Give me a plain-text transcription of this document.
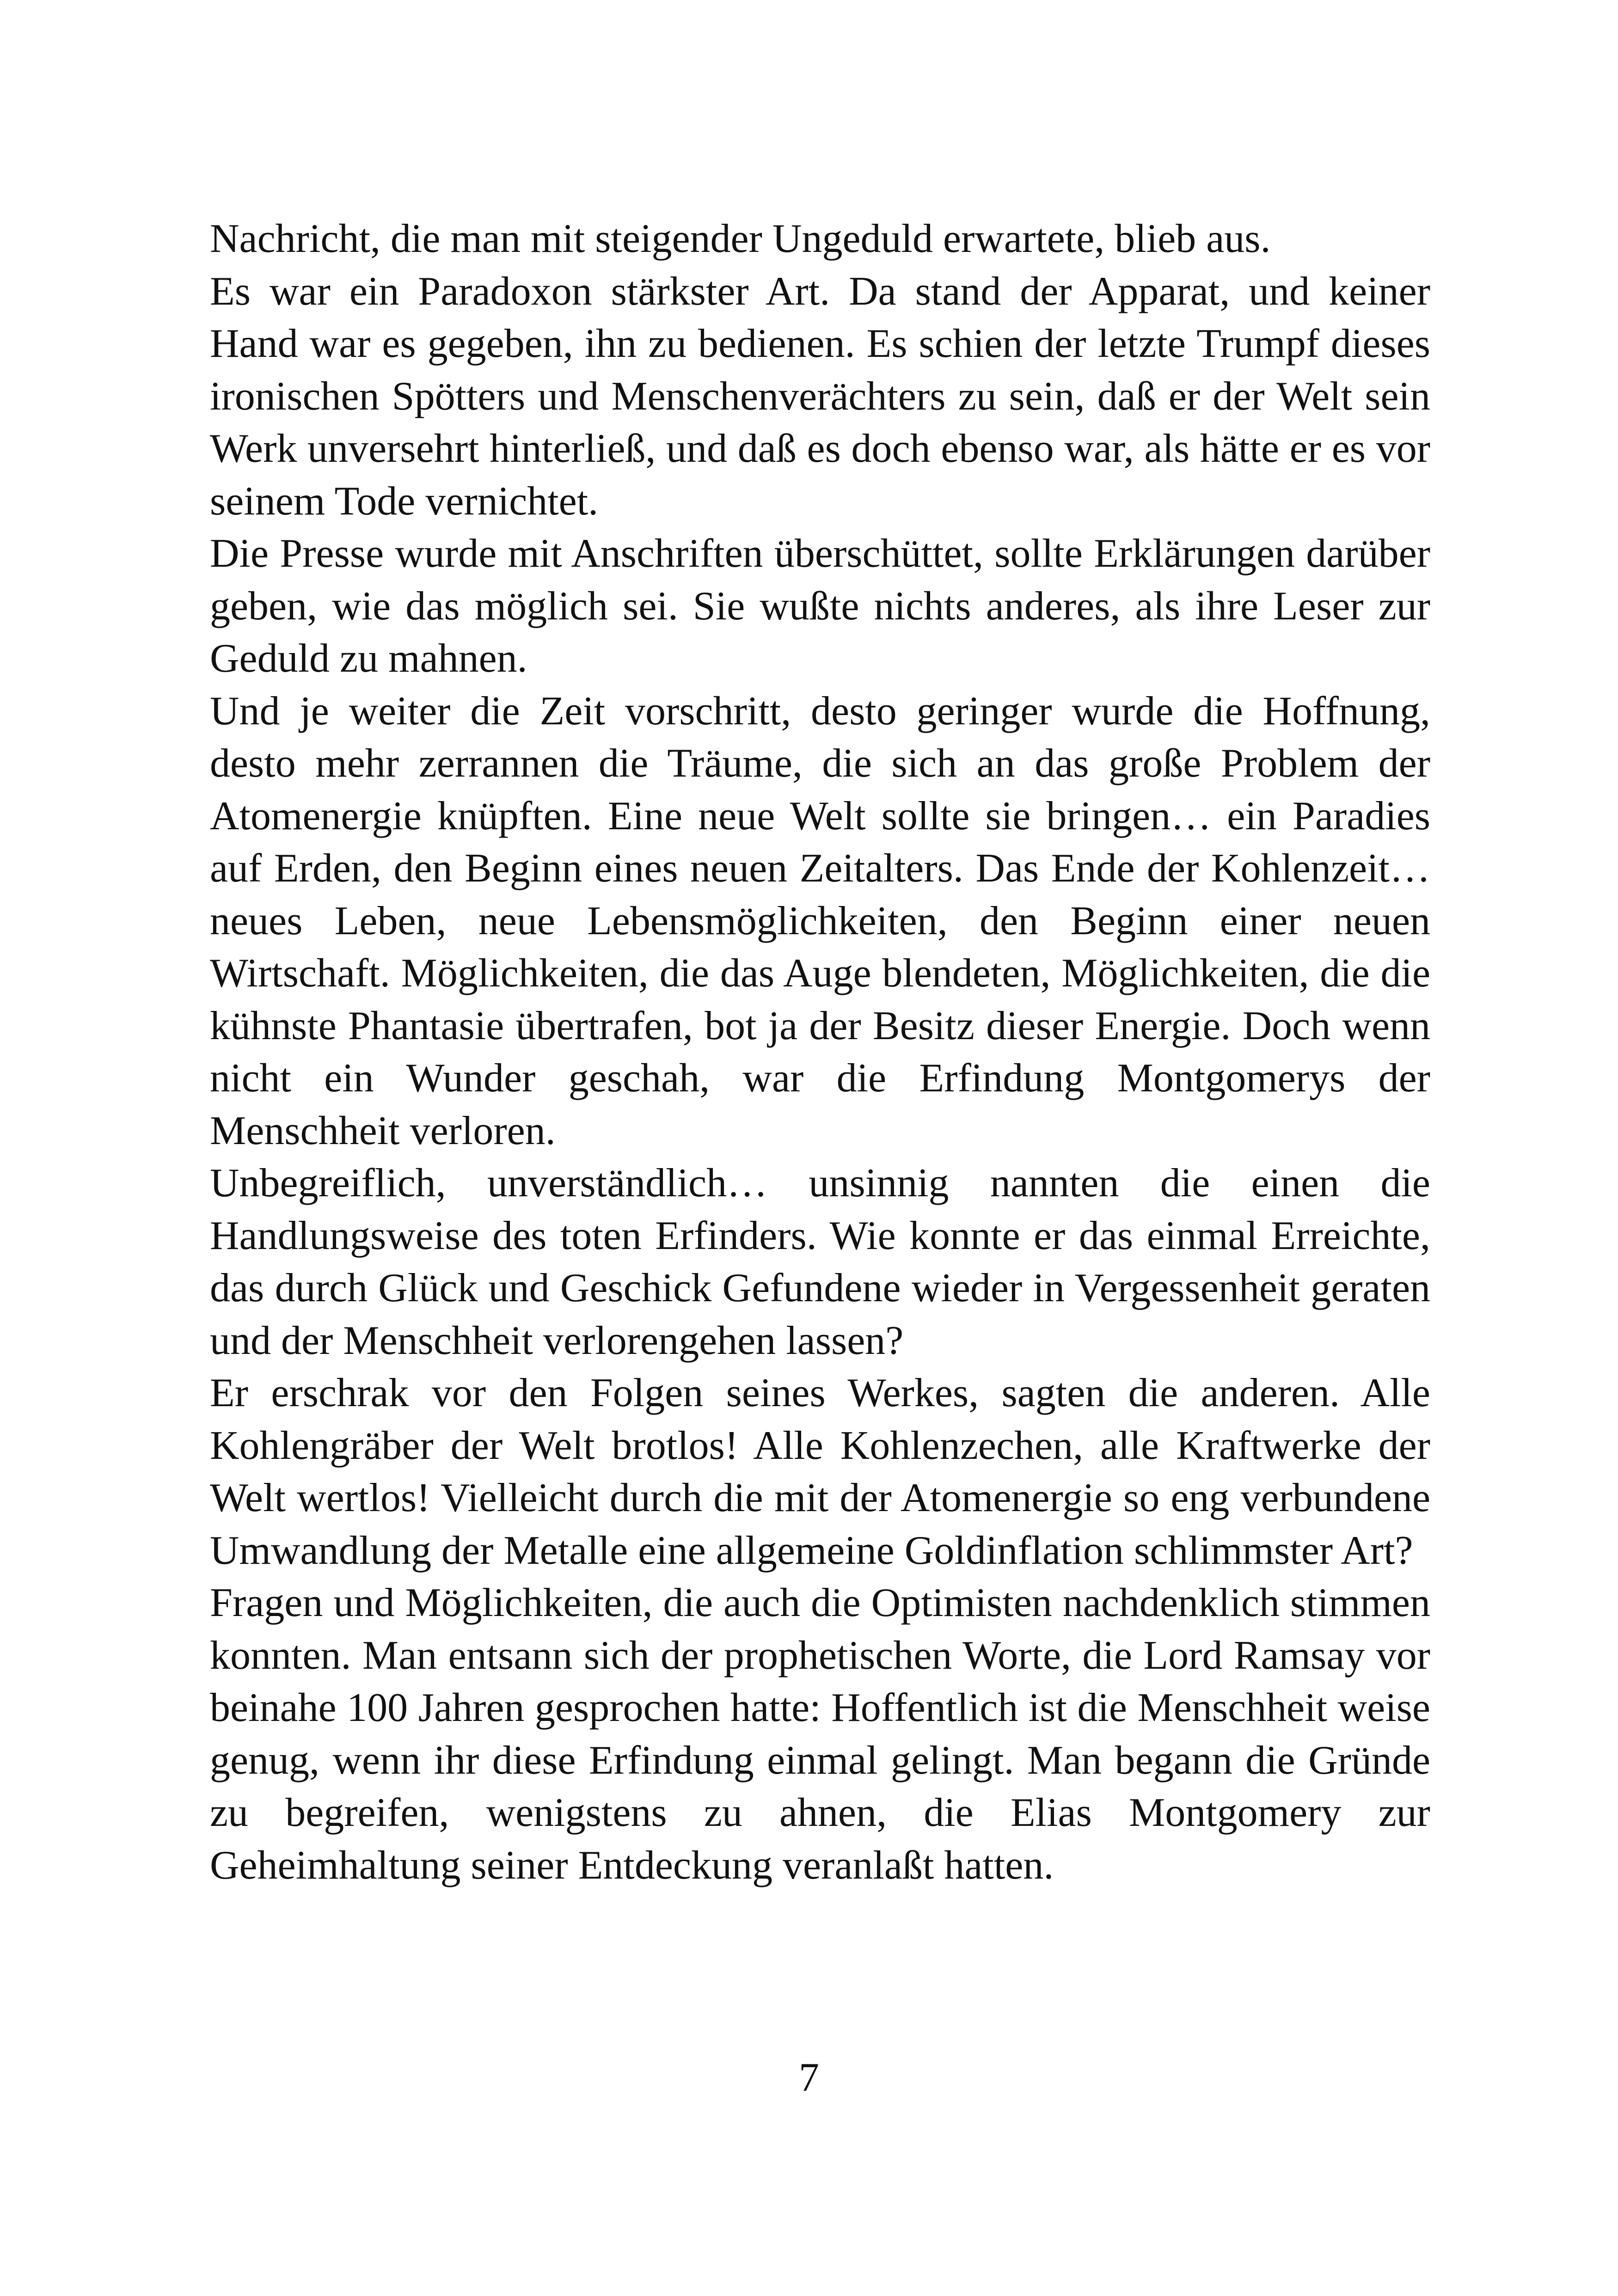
Nachricht, die man mit steigender Ungeduld erwartete, blieb aus.

Es war ein Paradoxon stärkster Art. Da stand der Apparat, und keiner Hand war es gegeben, ihn zu bedienen. Es schien der letzte Trumpf dieses ironischen Spötters und Menschenverächters zu sein, daß er der Welt sein Werk unversehrt hinterließ, und daß es doch ebenso war, als hätte er es vor seinem Tode vernichtet.

Die Presse wurde mit Anschriften überschüttet, sollte Erklärungen darüber geben, wie das möglich sei. Sie wußte nichts anderes, als ihre Leser zur Geduld zu mahnen.

Und je weiter die Zeit vorschritt, desto geringer wurde die Hoffnung, desto mehr zerrannen die Träume, die sich an das große Problem der Atomenergie knüpften. Eine neue Welt sollte sie bringen… ein Paradies auf Erden, den Beginn eines neuen Zeitalters. Das Ende der Kohlenzeit… neues Leben, neue Lebensmöglichkeiten, den Beginn einer neuen Wirtschaft. Möglichkeiten, die das Auge blendeten, Möglichkeiten, die die kühnste Phantasie übertrafen, bot ja der Besitz dieser Energie. Doch wenn nicht ein Wunder geschah, war die Erfindung Montgomerys der Menschheit verloren.

Unbegreiflich, unverständlich… unsinnig nannten die einen die Handlungsweise des toten Erfinders. Wie konnte er das einmal Erreichte, das durch Glück und Geschick Gefundene wieder in Vergessenheit geraten und der Menschheit verlorengehen lassen?

Er erschrak vor den Folgen seines Werkes, sagten die anderen. Alle Kohlengräber der Welt brotlos! Alle Kohlenzechen, alle Kraftwerke der Welt wertlos! Vielleicht durch die mit der Atomenergie so eng verbundene Umwandlung der Metalle eine allgemeine Goldinflation schlimmster Art?

Fragen und Möglichkeiten, die auch die Optimisten nachdenklich stimmen konnten. Man entsann sich der prophetischen Worte, die Lord Ramsay vor beinahe 100 Jahren gesprochen hatte: Hoffentlich ist die Menschheit weise genug, wenn ihr diese Erfindung einmal gelingt. Man begann die Gründe zu begreifen, wenigstens zu ahnen, die Elias Montgomery zur Geheimhaltung seiner Entdeckung veranlaßt hatten.

7
